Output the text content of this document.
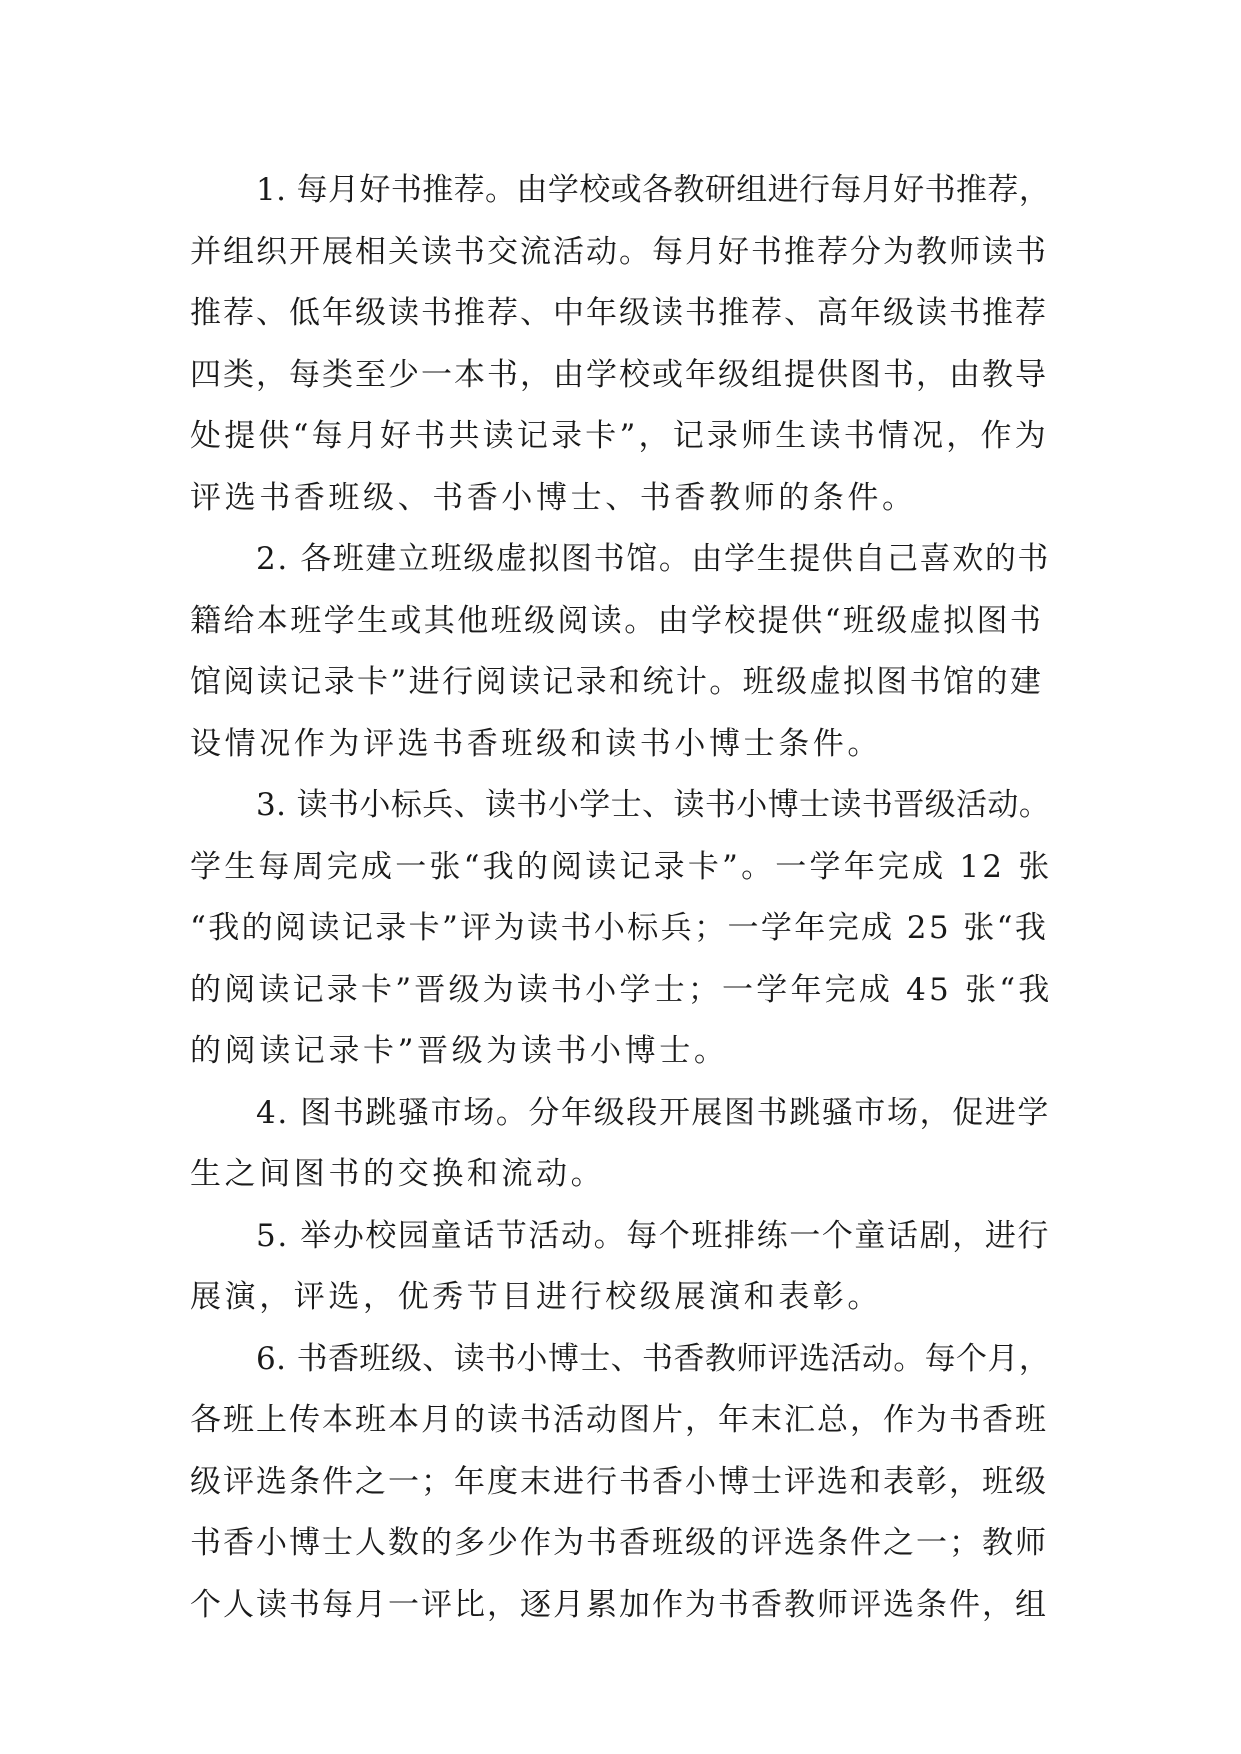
1. 每月好书推荐。由学校或各教研组进行每月好书推荐，
并组织开展相关读书交流活动。每月好书推荐分为教师读书
推荐、低年级读书推荐、中年级读书推荐、高年级读书推荐
四类，每类至少一本书，由学校或年级组提供图书，由教导
处提供“每月好书共读记录卡”，记录师生读书情况，作为
评选书香班级、书香小博士、书香教师的条件。
2. 各班建立班级虚拟图书馆。由学生提供自己喜欢的书
籍给本班学生或其他班级阅读。由学校提供“班级虚拟图书
馆阅读记录卡”进行阅读记录和统计。班级虚拟图书馆的建
设情况作为评选书香班级和读书小博士条件。
3. 读书小标兵、读书小学士、读书小博士读书晋级活动。
学生每周完成一张“我的阅读记录卡”。一学年完成 12 张
“我的阅读记录卡”评为读书小标兵；一学年完成 25 张“我
的阅读记录卡”晋级为读书小学士；一学年完成 45 张“我
的阅读记录卡”晋级为读书小博士。
4. 图书跳骚市场。分年级段开展图书跳骚市场，促进学
生之间图书的交换和流动。
5. 举办校园童话节活动。每个班排练一个童话剧，进行
展演，评选，优秀节目进行校级展演和表彰。
6. 书香班级、读书小博士、书香教师评选活动。每个月，
各班上传本班本月的读书活动图片，年末汇总，作为书香班
级评选条件之一；年度末进行书香小博士评选和表彰，班级
书香小博士人数的多少作为书香班级的评选条件之一；教师
个人读书每月一评比，逐月累加作为书香教师评选条件，组
